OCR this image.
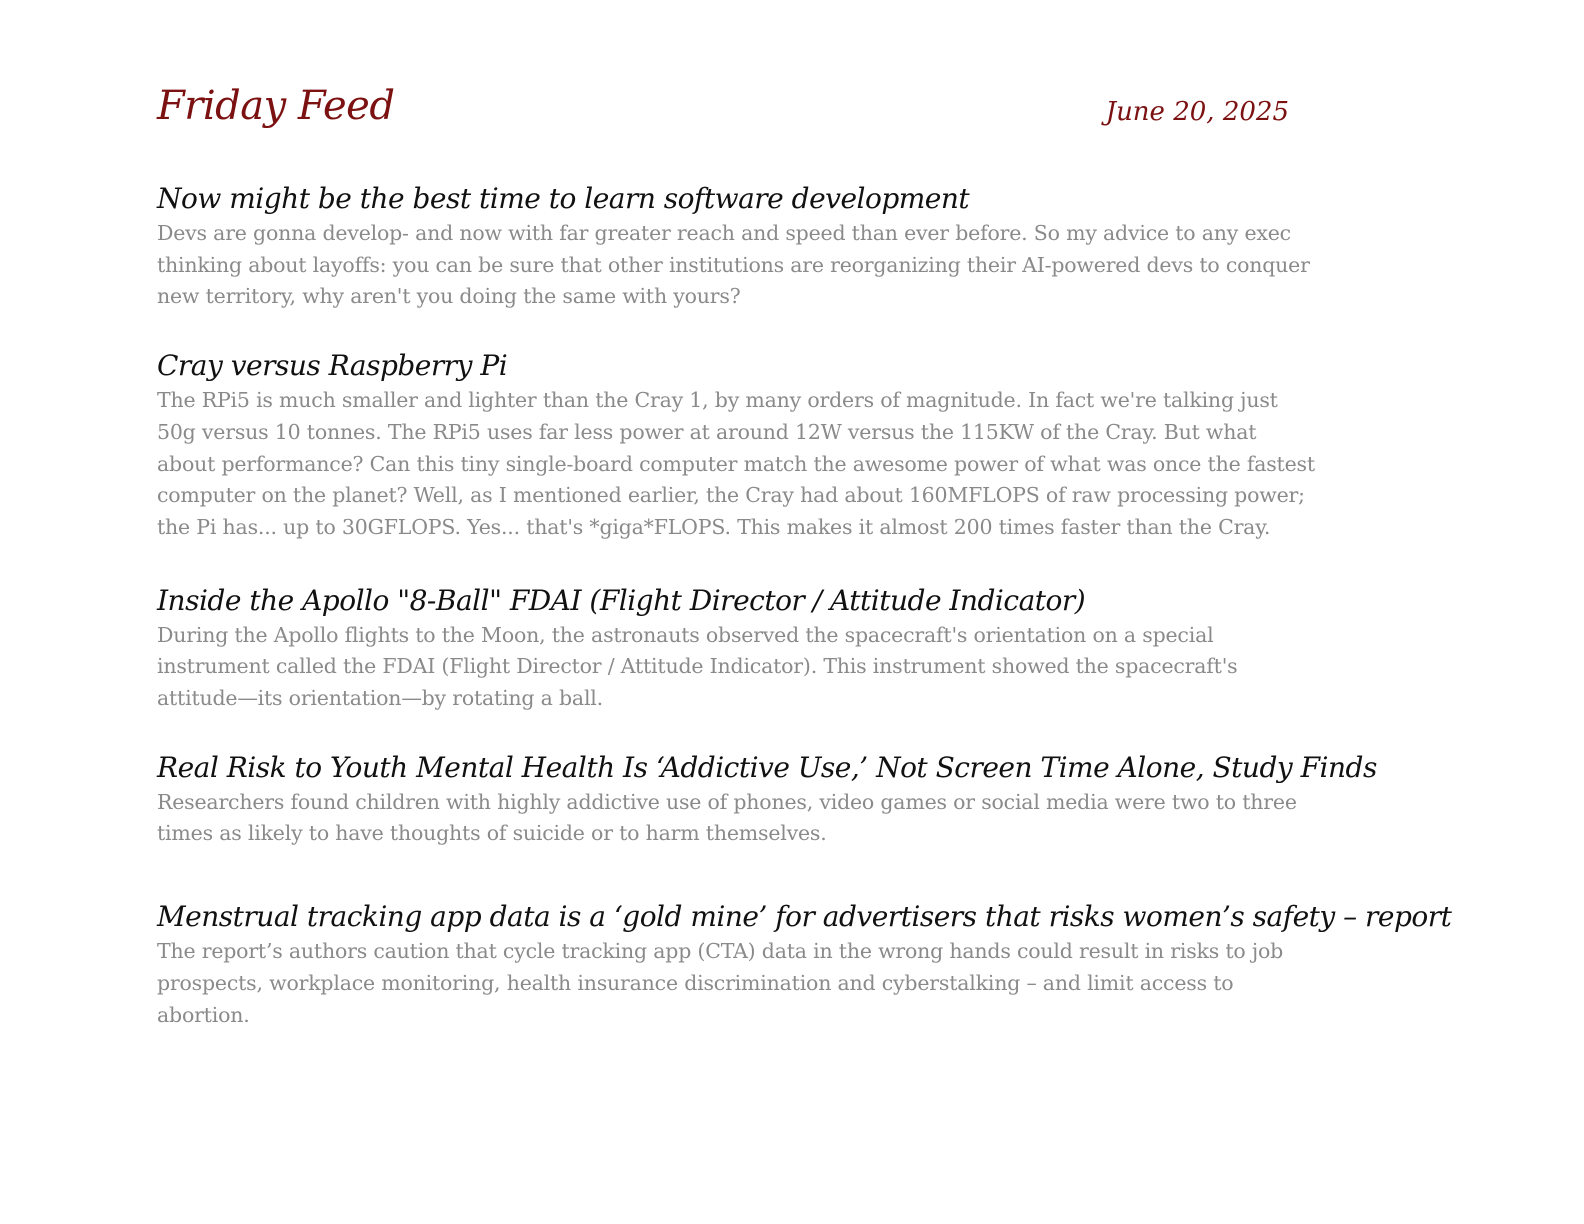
Friday Feed	June 20, 2025
Now might be the best time to learn software development

Devs are gonna develop- and now with far greater reach and speed than ever before. So my advice to any exec thinking about layoffs: you can be sure that other institutions are reorganizing their AI-powered devs to conquer new territory, why aren't you doing the same with yours?

Cray versus Raspberry Pi

The RPi5 is much smaller and lighter than the Cray 1, by many orders of magnitude. In fact we're talking just 50g versus 10 tonnes. The RPi5 uses far less power at around 12W versus the 115KW of the Cray. But what about performance? Can this tiny single-board computer match the awesome power of what was once the fastest computer on the planet? Well, as I mentioned earlier, the Cray had about 160MFLOPS of raw processing power; the Pi has... up to 30GFLOPS. Yes... that's *giga*FLOPS. This makes it almost 200 times faster than the Cray.

Inside the Apollo "8-Ball" FDAI (Flight Director / Attitude Indicator)

During the Apollo flights to the Moon, the astronauts observed the spacecraft's orientation on a special instrument called the FDAI (Flight Director / Attitude Indicator). This instrument showed the spacecraft's attitude—its orientation—by rotating a ball.

Real Risk to Youth Mental Health Is ‘Addictive Use,’ Not Screen Time Alone, Study Finds

Researchers found children with highly addictive use of phones, video games or social media were two to three times as likely to have thoughts of suicide or to harm themselves.

Menstrual tracking app data is a ‘gold mine’ for advertisers that risks women’s safety – report

The report’s authors caution that cycle tracking app (CTA) data in the wrong hands could result in risks to job prospects, workplace monitoring, health insurance discrimination and cyberstalking – and limit access to abortion.
